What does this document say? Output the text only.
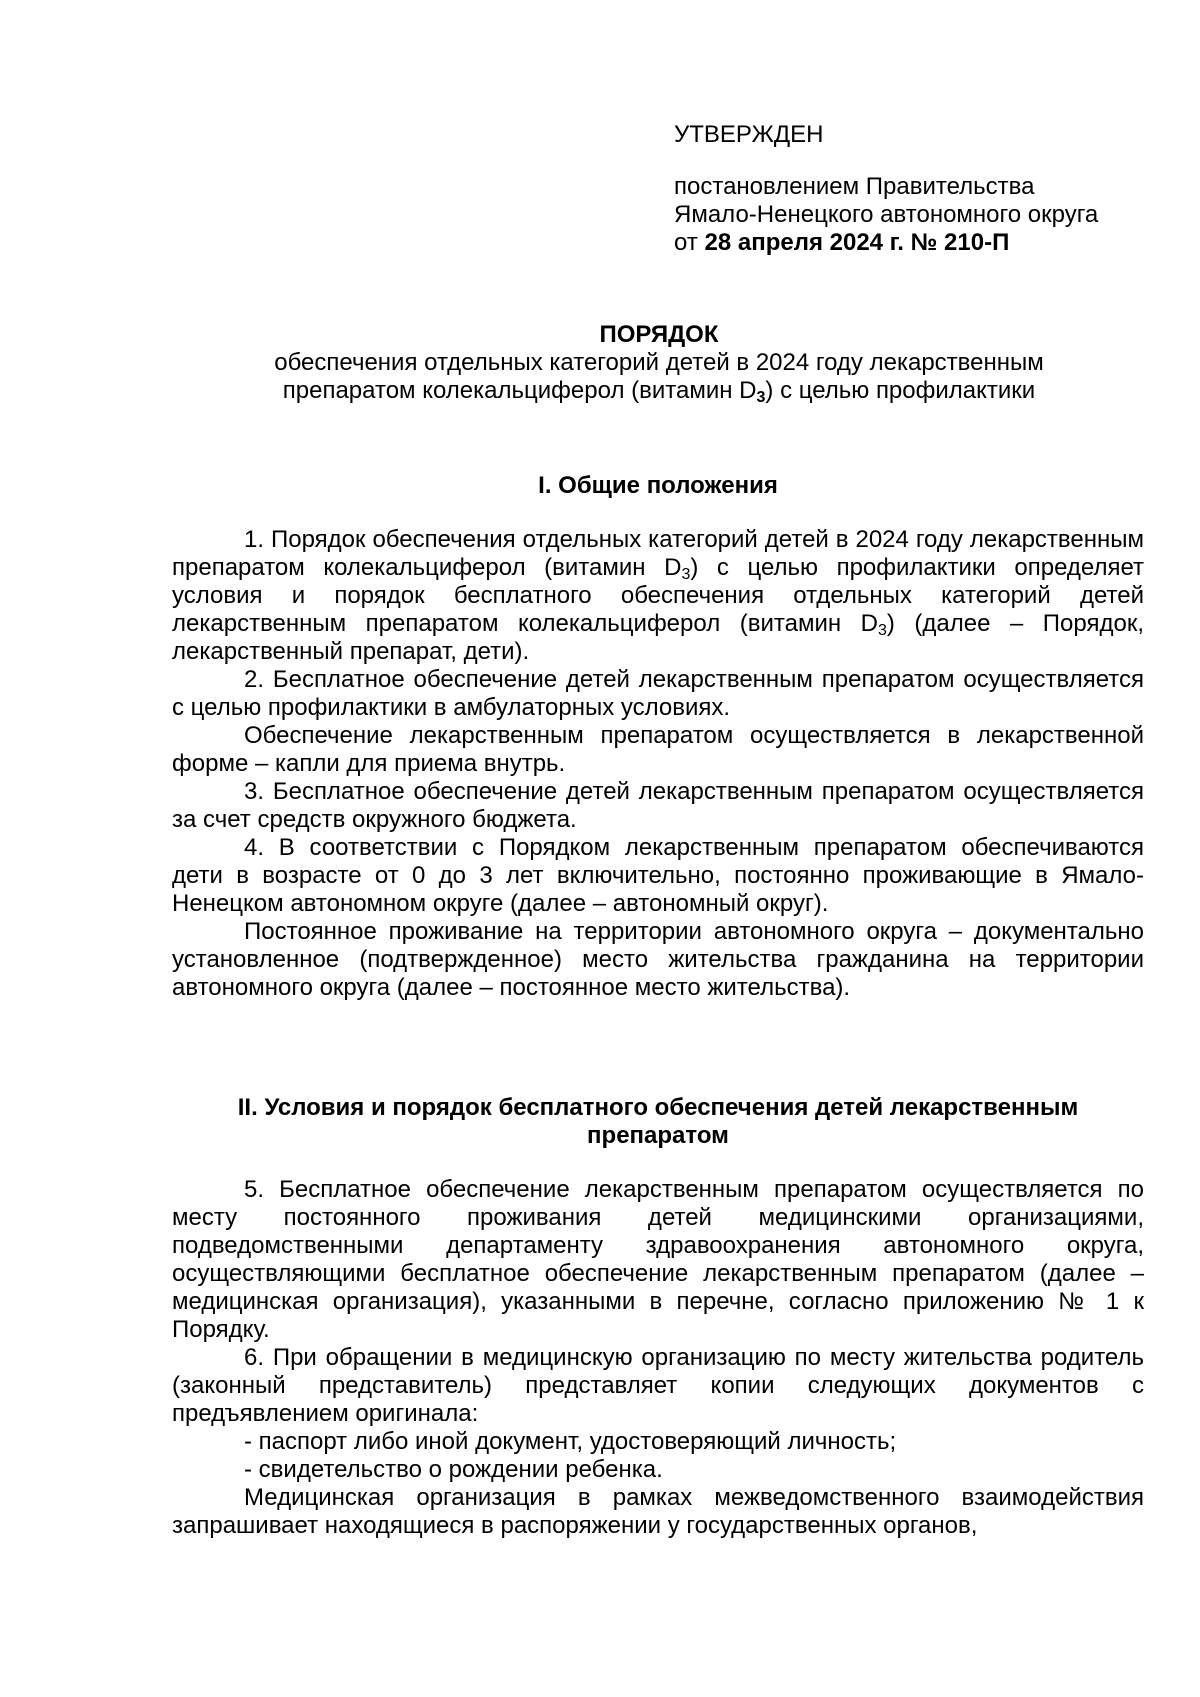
УТВЕРЖДЕН
постановлением Правительства
Ямало-Ненецкого автономного округа
от 28 апреля 2024 г. № 210-П
ПОРЯДОК
обеспечения отдельных категорий детей в 2024 году лекарственным
препаратом колекальциферол (витамин $D_3$) с целью профилактики

I. Общие положения

1. Порядок обеспечения отдельных категорий детей в 2024 году лекарственным препаратом колекальциферол (витамин $D_3$) с целью профилактики определяет условия и порядок бесплатного обеспечения отдельных категорий детей лекарственным препаратом колекальциферол (витамин $D_3$) (далее – Порядок, лекарственный препарат, дети).

2. Бесплатное обеспечение детей лекарственным препаратом осуществляется с целью профилактики в амбулаторных условиях.

Обеспечение лекарственным препаратом осуществляется в лекарственной форме – капли для приема внутрь.

3. Бесплатное обеспечение детей лекарственным препаратом осуществляется за счет средств окружного бюджета.

4. В соответствии с Порядком лекарственным препаратом обеспечиваются дети в возрасте от 0 до 3 лет включительно, постоянно проживающие в Ямало-Ненецком автономном округе (далее – автономный округ).

Постоянное проживание на территории автономного округа – документально установленное (подтвержденное) место жительства гражданина на территории автономного округа (далее – постоянное место жительства).

II. Условия и порядок бесплатного обеспечения детей лекарственным
препаратом

5. Бесплатное обеспечение лекарственным препаратом осуществляется по месту постоянного проживания детей медицинскими организациями, подведомственными департаменту здравоохранения автономного округа, осуществляющими бесплатное обеспечение лекарственным препаратом (далее – медицинская организация), указанными в перечне, согласно приложению № 1 к Порядку.

6. При обращении в медицинскую организацию по месту жительства родитель (законный представитель) представляет копии следующих документов с предъявлением оригинала:

- паспорт либо иной документ, удостоверяющий личность;

- свидетельство о рождении ребенка.

Медицинская организация в рамках межведомственного взаимодействия запрашивает находящиеся в распоряжении у государственных органов,
